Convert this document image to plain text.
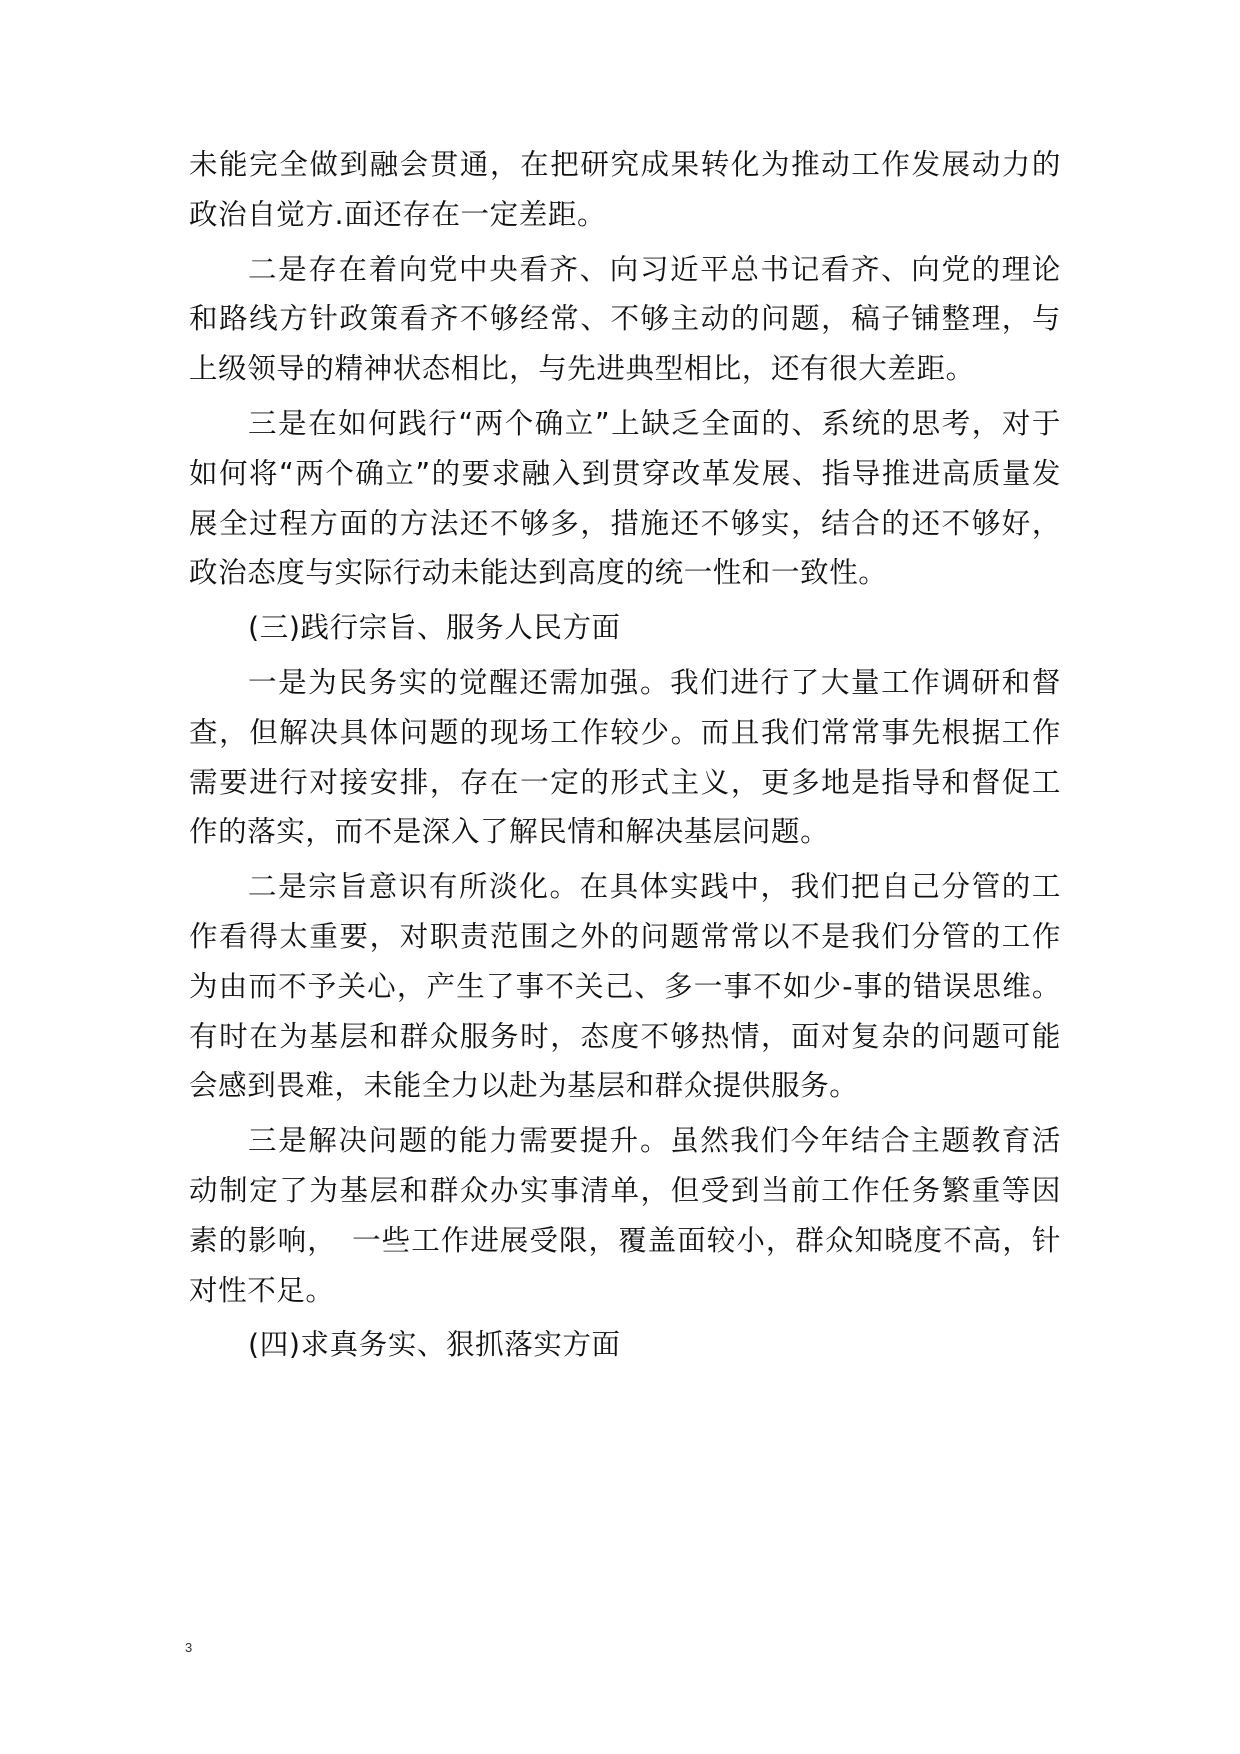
未能完全做到融会贯通，在把研究成果转化为推动工作发展动力的政治自觉方.面还存在一定差距。

二是存在着向党中央看齐、向习近平总书记看齐、向党的理论和路线方针政策看齐不够经常、不够主动的问题，稿子铺整理，与上级领导的精神状态相比，与先进典型相比，还有很大差距。

三是在如何践行“两个确立”上缺乏全面的、系统的思考，对于如何将“两个确立”的要求融入到贯穿改革发展、指导推进高质量发展全过程方面的方法还不够多，措施还不够实，结合的还不够好，政治态度与实际行动未能达到高度的统一性和一致性。

(三)践行宗旨、服务人民方面

一是为民务实的觉醒还需加强。我们进行了大量工作调研和督查，但解决具体问题的现场工作较少。而且我们常常事先根据工作需要进行对接安排，存在一定的形式主义，更多地是指导和督促工作的落实，而不是深入了解民情和解决基层问题。

二是宗旨意识有所淡化。在具体实践中，我们把自己分管的工作看得太重要，对职责范围之外的问题常常以不是我们分管的工作为由而不予关心，产生了事不关己、多一事不如少-事的错误思维。有时在为基层和群众服务时，态度不够热情，面对复杂的问题可能会感到畏难，未能全力以赴为基层和群众提供服务。

三是解决问题的能力需要提升。虽然我们今年结合主题教育活动制定了为基层和群众办实事清单，但受到当前工作任务繁重等因素的影响，　一些工作进展受限，覆盖面较小，群众知晓度不高，针对性不足。

(四)求真务实、狠抓落实方面

3
